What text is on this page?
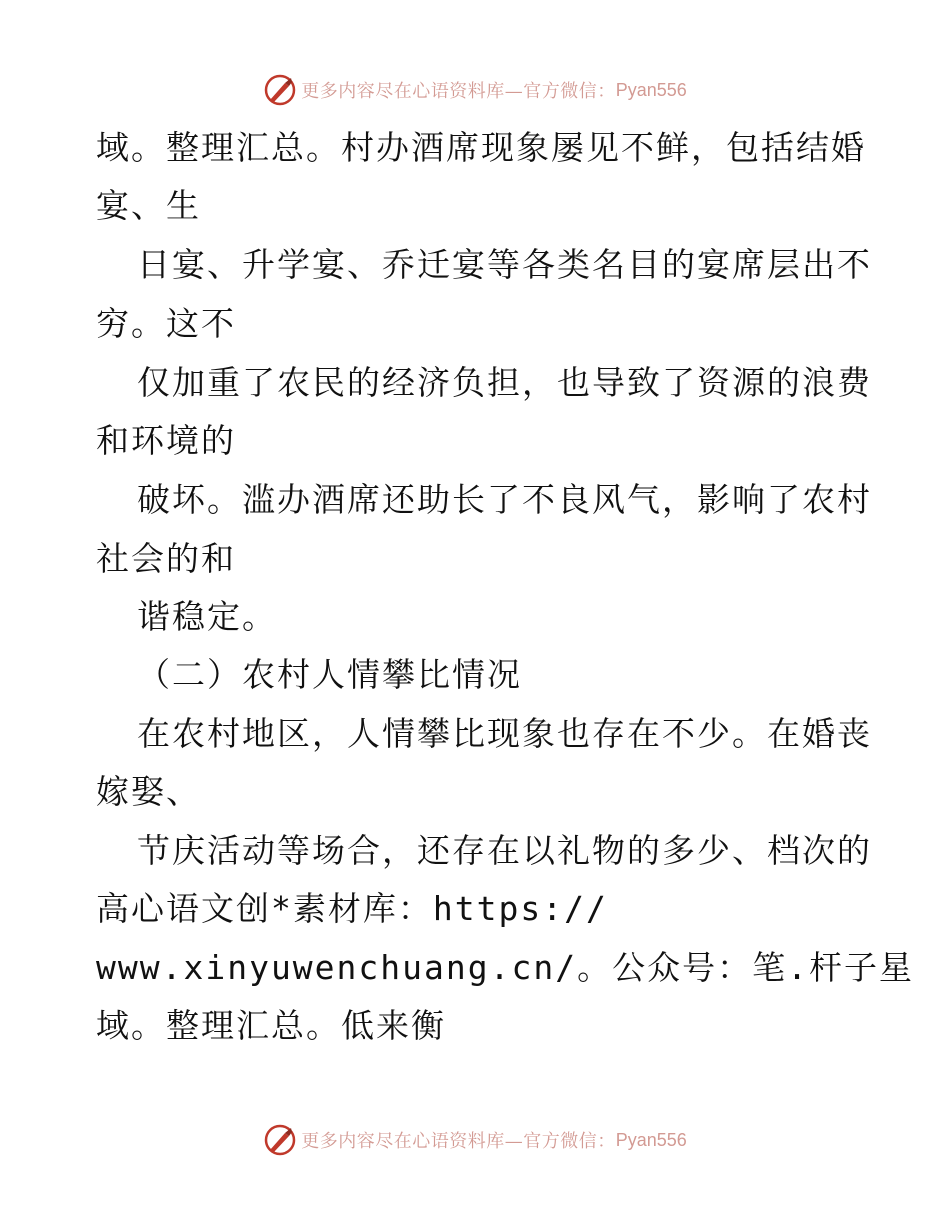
更多内容尽在心语资料库—官方微信： Pyan556
域。整理汇总。村办酒席现象屡见不鲜，包括结婚
宴、生
日宴、升学宴、乔迁宴等各类名目的宴席层出不
穷。这不
仅加重了农民的经济负担，也导致了资源的浪费
和环境的
破坏。滥办酒席还助长了不良风气，影响了农村
社会的和
谐稳定。
（二）农村人情攀比情况
在农村地区，人情攀比现象也存在不少。在婚丧
嫁娶、
节庆活动等场合，还存在以礼物的多少、档次的
高心语文创*素材库：https://
www.xinyuwenchuang.cn/。公众号：笔.杆子星
域。整理汇总。低来衡
更多内容尽在心语资料库—官方微信： Pyan556
